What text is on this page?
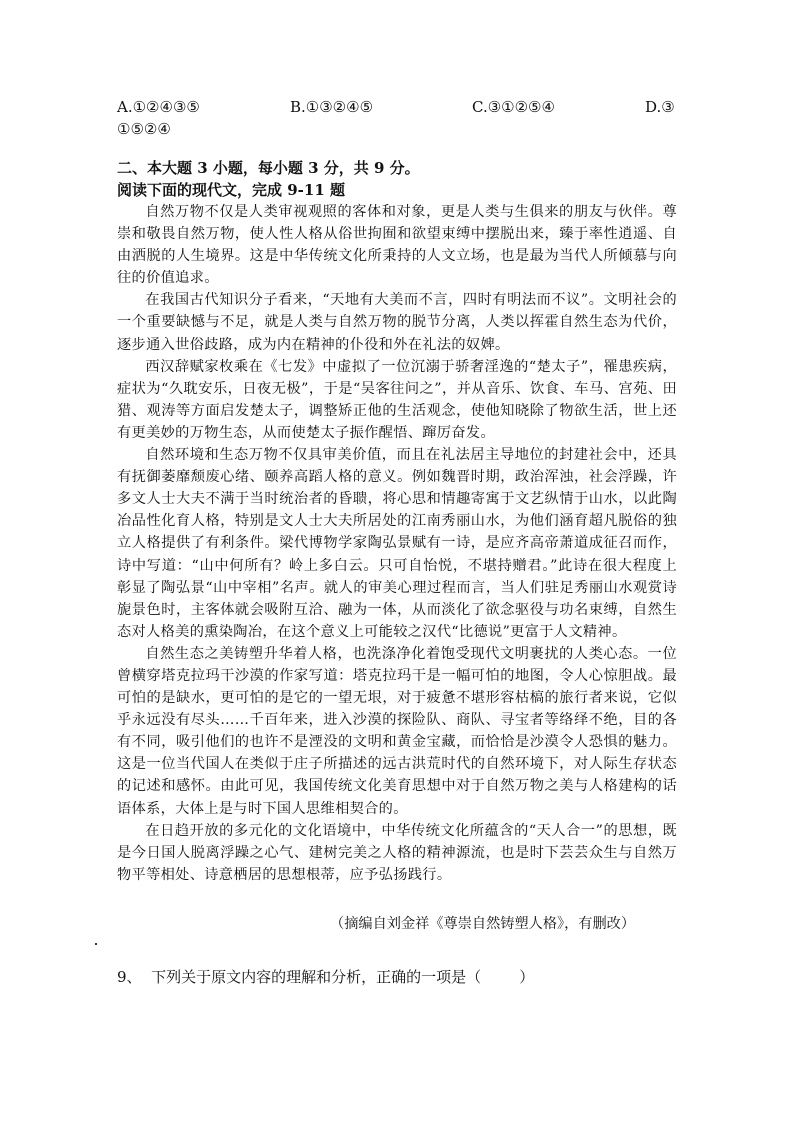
A.①②④③⑤	B.①③②④⑤	C.③①②⑤④	D.③
①⑤②④
二、本大题 3 小题，每小题 3 分，共 9 分。
阅读下面的现代文，完成 9-11 题

自然万物不仅是人类审视观照的客体和对象，更是人类与生俱来的朋友与伙伴。尊崇和敬畏自然万物，使人性人格从俗世拘囿和欲望束缚中摆脱出来，臻于率性逍遥、自由洒脱的人生境界。这是中华传统文化所秉持的人文立场，也是最为当代人所倾慕与向往的价值追求。

在我国古代知识分子看来，“天地有大美而不言，四时有明法而不议”。文明社会的一个重要缺憾与不足，就是人类与自然万物的脱节分离，人类以挥霍自然生态为代价，逐步通入世俗歧路，成为内在精神的仆役和外在礼法的奴婢。

西汉辞赋家枚乘在《七发》中虚拟了一位沉溺于骄奢淫逸的“楚太子”，罹患疾病，症状为“久耽安乐，日夜无极”，于是“吴客往问之”，并从音乐、饮食、车马、宫苑、田猎、观涛等方面启发楚太子，调整矫正他的生活观念，使他知晓除了物欲生活，世上还有更美妙的万物生态，从而使楚太子振作醒悟、蹿厉奋发。

自然环境和生态万物不仅具审美价值，而且在礼法居主导地位的封建社会中，还具有抚御萎靡颓废心绪、颐养高蹈人格的意义。例如魏晋时期，政治浑浊，社会浮躁，许多文人士大夫不满于当时统治者的昏聩，将心思和情趣寄寓于文艺纵情于山水，以此陶冶品性化育人格，特别是文人士大夫所居处的江南秀丽山水，为他们涵育超凡脱俗的独立人格提供了有利条件。梁代博物学家陶弘景赋有一诗，是应齐高帝萧道成征召而作，诗中写道：“山中何所有？岭上多白云。只可自怡悦，不堪持赠君。”此诗在很大程度上彰显了陶弘景“山中宰相”名声。就人的审美心理过程而言，当人们驻足秀丽山水观赏诗旎景色时，主客体就会吸附互洽、融为一体，从而淡化了欲念驱役与功名束缚，自然生态对人格美的熏染陶冶，在这个意义上可能较之汉代“比德说”更富于人文精神。

自然生态之美铸塑升华着人格，也洗涤净化着饱受现代文明裹扰的人类心态。一位曾横穿塔克拉玛干沙漠的作家写道：塔克拉玛干是一幅可怕的地图，令人心惊胆战。最可怕的是缺水，更可怕的是它的一望无垠，对于疲惫不堪形容枯槁的旅行者来说，它似乎永远没有尽头……千百年来，进入沙漠的探险队、商队、寻宝者等络绎不绝，目的各有不同，吸引他们的也许不是湮没的文明和黄金宝藏，而恰恰是沙漠令人恐惧的魅力。这是一位当代国人在类似于庄子所描述的远古洪荒时代的自然环境下，对人际生存状态的记述和感怀。由此可见，我国传统文化美育思想中对于自然万物之美与人格建构的话语体系，大体上是与时下国人思维相契合的。

在日趋开放的多元化的文化语境中，中华传统文化所蕴含的“天人合一”的思想，既是今日国人脱离浮躁之心气、建树完美之人格的精神源流，也是时下芸芸众生与自然万物平等相处、诗意栖居的思想根蒂，应予弘扬践行。

（摘编自刘金祥《尊崇自然铸塑人格》，有删改）
9、  下列关于原文内容的理解和分析，正确的一项是（        ）
